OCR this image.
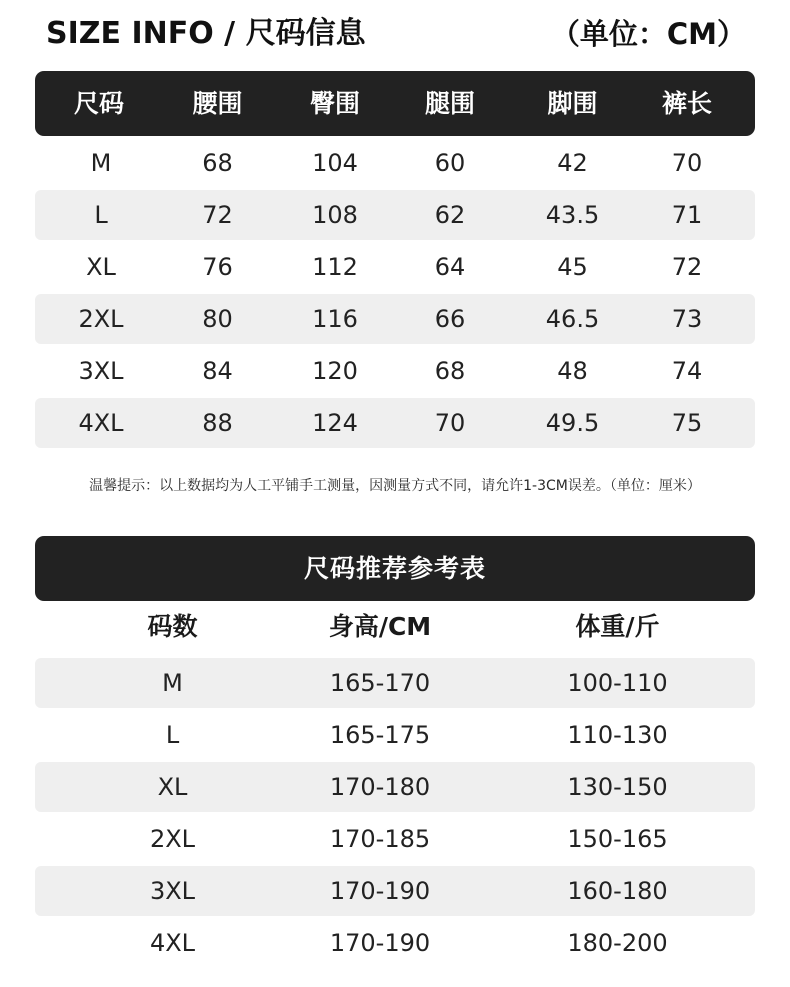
SIZE INFO / 尺码信息	（单位：CM）
尺码	腰围	臀围	腿围	脚围	裤长
M	68	104	60	42	70
L	72	108	62	43.5	71
XL	76	112	64	45	72
2XL	80	116	66	46.5	73
3XL	84	120	68	48	74
4XL	88	124	70	49.5	75
温馨提示：以上数据均为人工平铺手工测量，因测量方式不同，请允许1-3CM误差。（单位：厘米）
尺码推荐参考表
码数	身高/CM	体重/斤
M	165-170	100-110
L	165-175	110-130
XL	170-180	130-150
2XL	170-185	150-165
3XL	170-190	160-180
4XL	170-190	180-200
